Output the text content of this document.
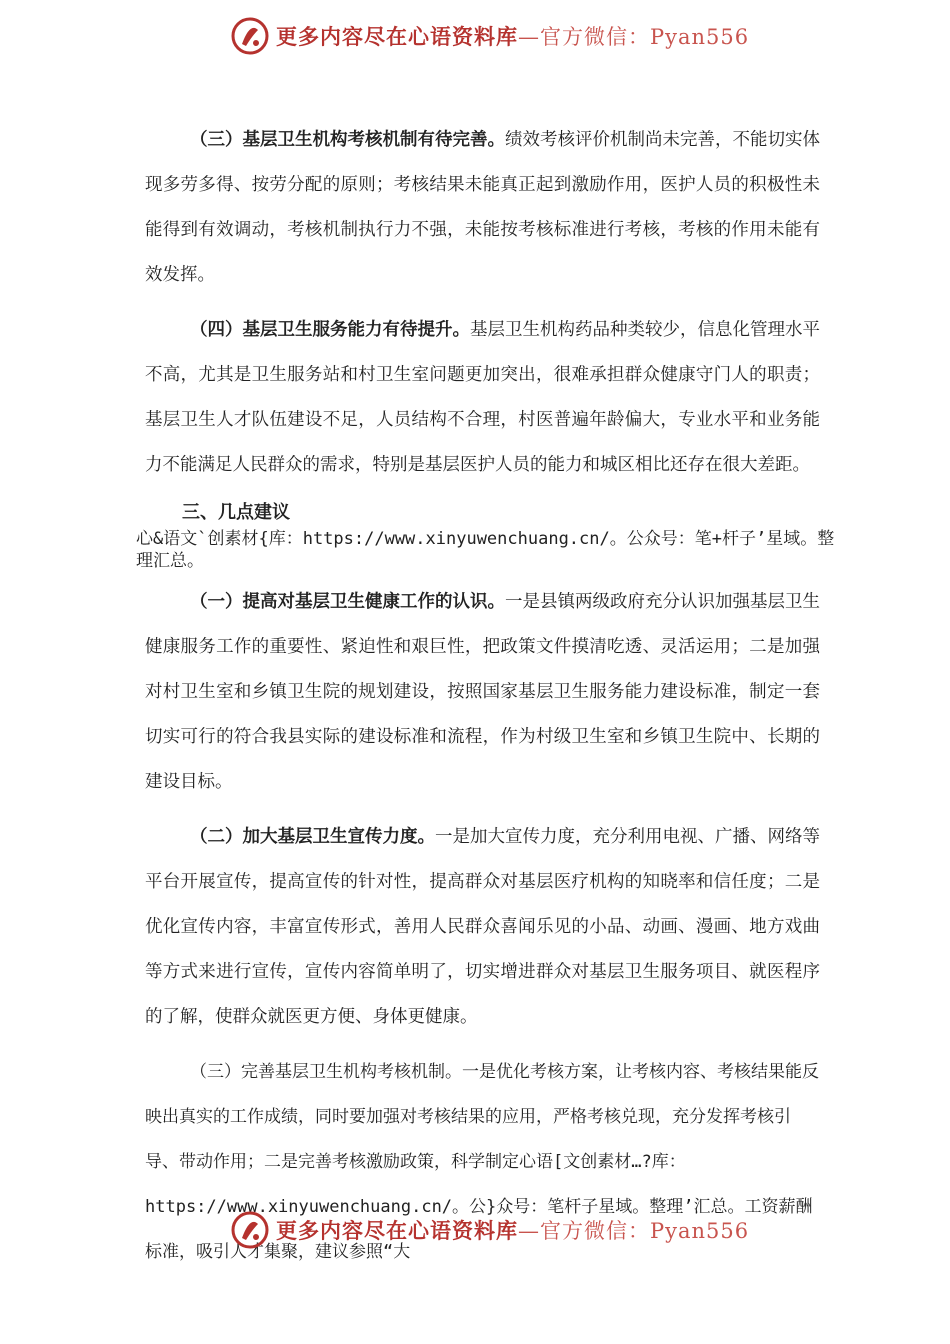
更多内容尽在心语资料库—官方微信：Pyan556

（三）基层卫生机构考核机制有待完善。绩效考核评价机制尚未完善，不能切实体现多劳多得、按劳分配的原则；考核结果未能真正起到激励作用，医护人员的积极性未能得到有效调动，考核机制执行力不强，未能按考核标准进行考核，考核的作用未能有效发挥。

（四）基层卫生服务能力有待提升。基层卫生机构药品种类较少，信息化管理水平不高，尤其是卫生服务站和村卫生室问题更加突出，很难承担群众健康守门人的职责；基层卫生人才队伍建设不足，人员结构不合理，村医普遍年龄偏大，专业水平和业务能力不能满足人民群众的需求，特别是基层医护人员的能力和城区相比还存在很大差距。

三、几点建议
心&语文`创素材{库：https://www.xinyuwenchuang.cn/。公众号：笔+杆子’星域。整理汇总。

（一）提高对基层卫生健康工作的认识。一是县镇两级政府充分认识加强基层卫生健康服务工作的重要性、紧迫性和艰巨性，把政策文件摸清吃透、灵活运用；二是加强对村卫生室和乡镇卫生院的规划建设，按照国家基层卫生服务能力建设标准，制定一套切实可行的符合我县实际的建设标准和流程，作为村级卫生室和乡镇卫生院中、长期的建设目标。

（二）加大基层卫生宣传力度。一是加大宣传力度，充分利用电视、广播、网络等平台开展宣传，提高宣传的针对性，提高群众对基层医疗机构的知晓率和信任度；二是优化宣传内容，丰富宣传形式，善用人民群众喜闻乐见的小品、动画、漫画、地方戏曲等方式来进行宣传，宣传内容简单明了，切实增进群众对基层卫生服务项目、就医程序的了解，使群众就医更方便、身体更健康。

（三）完善基层卫生机构考核机制。一是优化考核方案，让考核内容、考核结果能反映出真实的工作成绩，同时要加强对考核结果的应用，严格考核兑现，充分发挥考核引导、带动作用；二是完善考核激励政策，科学制定心语[文创素材…?库：https://www.xinyuwenchuang.cn/。公}众号：笔杆子星域。整理’汇总。工资薪酬标准，吸引人才集聚，建议参照“大

更多内容尽在心语资料库—官方微信：Pyan556
